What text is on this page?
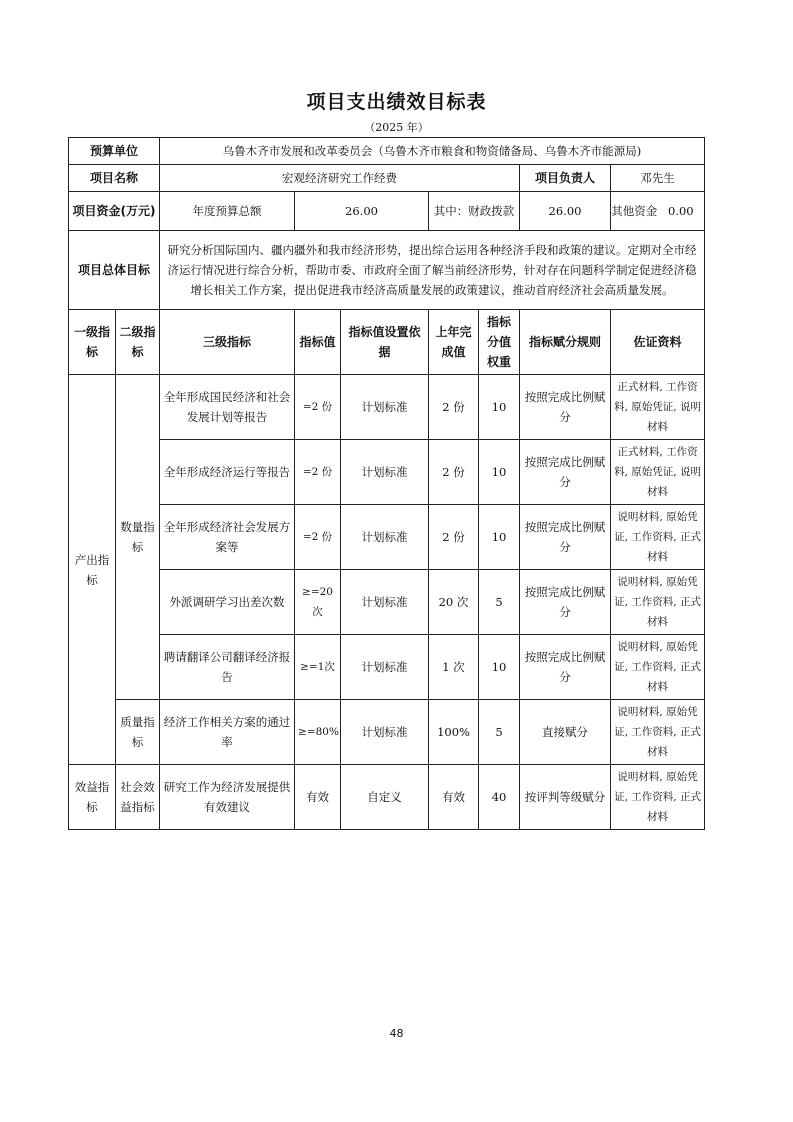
项目支出绩效目标表
（2025 年）
预算单位		乌鲁木齐市发展和改革委员会（乌鲁木齐市粮食和物资储备局、乌鲁木齐市能源局)						
项目名称		宏观经济研究工作经费					项目负责人	邓先生
项目资金(万元)		年度预算总额	26.00		其中：财政拨款		26.00	其他资金 0.00

项目总体目标		研究分析国际国内、疆内疆外和我市经济形势，提出综合运用各种经济手段和政策的建议。定期对全市经济运行情况进行综合分析，帮助市委、市政府全面了解当前经济形势，针对存在问题科学制定促进经济稳增长相关工作方案，提出促进我市经济高质量发展的政策建议，推动首府经济社会高质量发展。						
一级指标	二级指标	三级指标	指标值	指标值设置依据	上年完成值	指标分值权重	指标赋分规则	佐证资料
产出指标	数量指标	全年形成国民经济和社会发展计划等报告	=2 份	计划标准	2 份	10	按照完成比例赋分	正式材料, 工作资料, 原始凭证, 说明材料
		全年形成经济运行等报告	=2 份	计划标准	2 份	10	按照完成比例赋分	正式材料, 工作资料, 原始凭证, 说明材料
		全年形成经济社会发展方案等	=2 份	计划标准	2 份	10	按照完成比例赋分	说明材料, 原始凭证, 工作资料, 正式材料
		外派调研学习出差次数	≥=20次	计划标准	20 次	5	按照完成比例赋分	说明材料, 原始凭证, 工作资料, 正式材料
		聘请翻译公司翻译经济报告	≥=1次	计划标准	1 次	10	按照完成比例赋分	说明材料, 原始凭证, 工作资料, 正式材料
	质量指标	经济工作相关方案的通过率	≥=80%	计划标准	100%	5	直接赋分	说明材料, 原始凭证, 工作资料, 正式材料
效益指标	社会效益指标	研究工作为经济发展提供有效建议	有效	自定义	有效	40	按评判等级赋分	说明材料, 原始凭证, 工作资料, 正式材料
48
